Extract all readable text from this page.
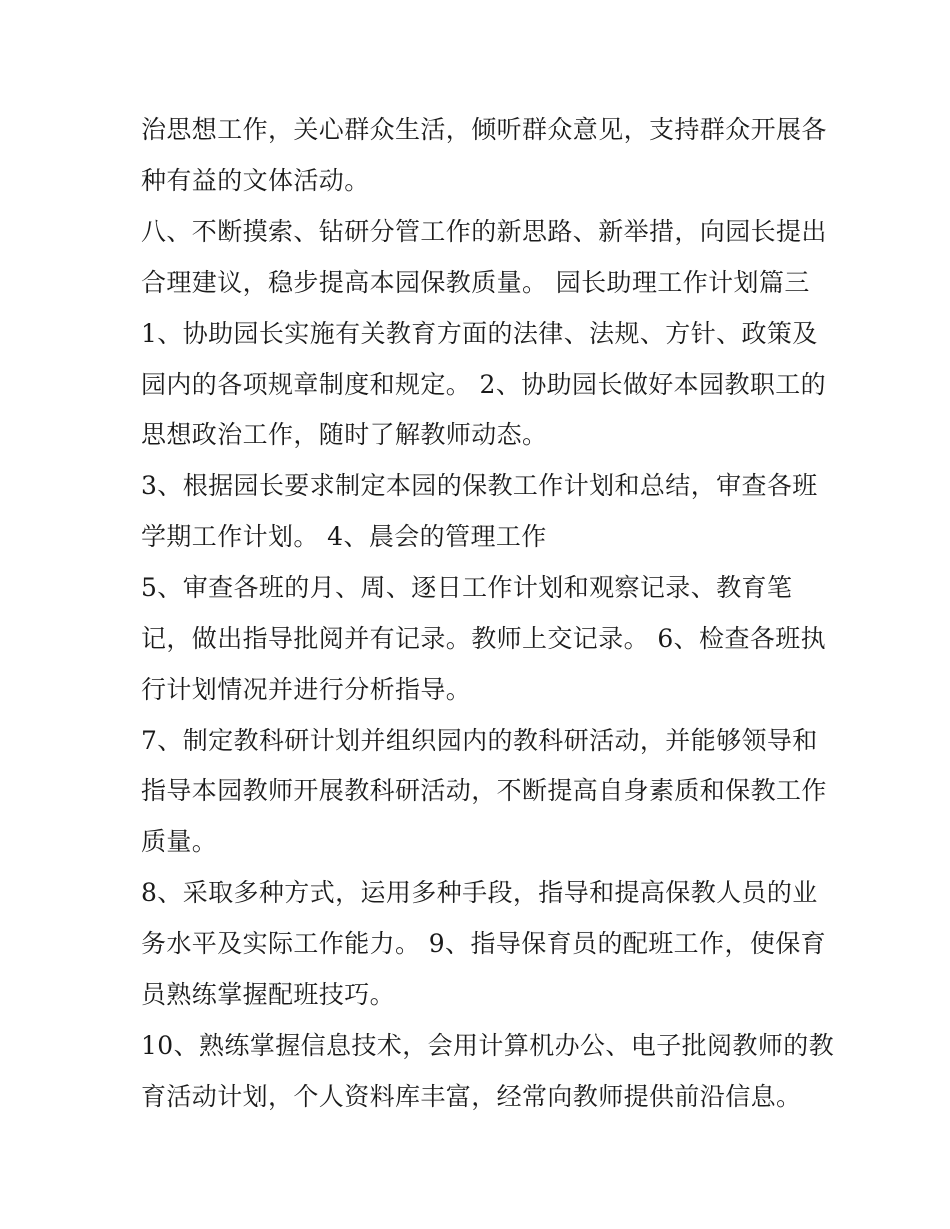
治思想工作，关心群众生活，倾听群众意见，支持群众开展各

种有益的文体活动。

八、不断摸索、钻研分管工作的新思路、新举措，向园长提出

合理建议，稳步提高本园保教质量。 园长助理工作计划篇三

1、协助园长实施有关教育方面的法律、法规、方针、政策及

园内的各项规章制度和规定。 2、协助园长做好本园教职工的

思想政治工作，随时了解教师动态。

3、根据园长要求制定本园的保教工作计划和总结，审查各班

学期工作计划。 4、晨会的管理工作

5、审查各班的月、周、逐日工作计划和观察记录、教育笔

记，做出指导批阅并有记录。教师上交记录。 6、检查各班执

行计划情况并进行分析指导。

7、制定教科研计划并组织园内的教科研活动，并能够领导和

指导本园教师开展教科研活动，不断提高自身素质和保教工作

质量。

8、采取多种方式，运用多种手段，指导和提高保教人员的业

务水平及实际工作能力。 9、指导保育员的配班工作，使保育

员熟练掌握配班技巧。

10、熟练掌握信息技术，会用计算机办公、电子批阅教师的教

育活动计划，个人资料库丰富，经常向教师提供前沿信息。
